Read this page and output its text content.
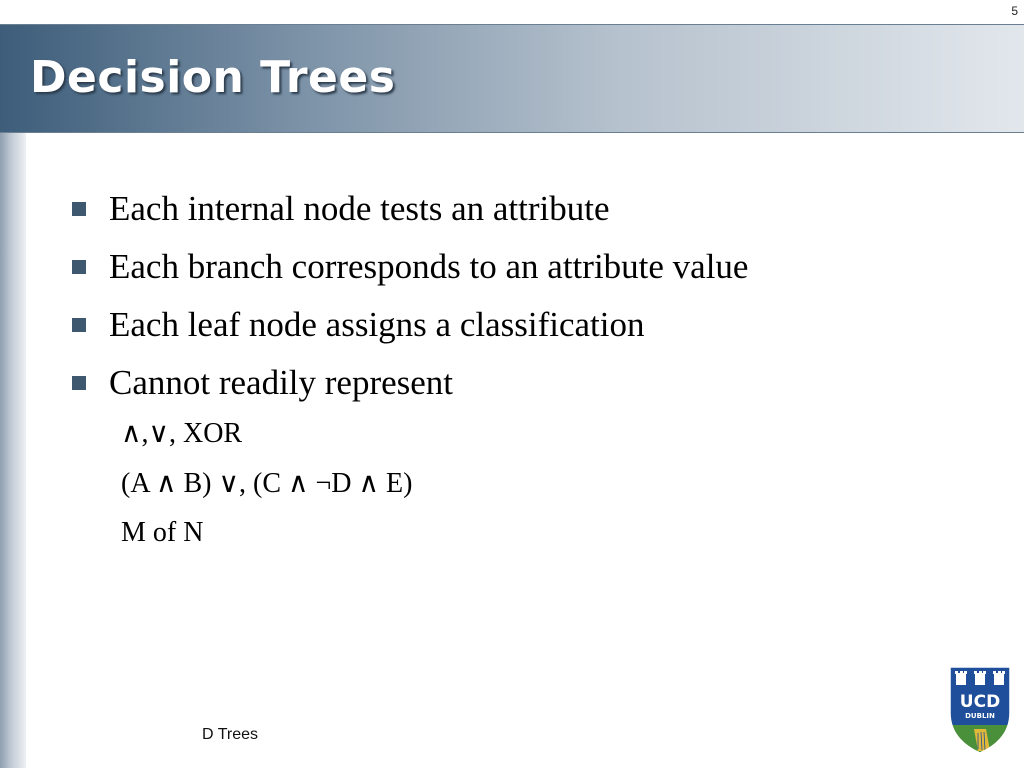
5
Decision Trees
Each internal node tests an attribute
Each branch corresponds to an attribute value
Each leaf node assigns a classification
Cannot readily represent
∧,∨, XOR
(A ∧ B) ∨, (C ∧ ¬D ∧ E)
M of N
D Trees
UCD
DUBLIN
